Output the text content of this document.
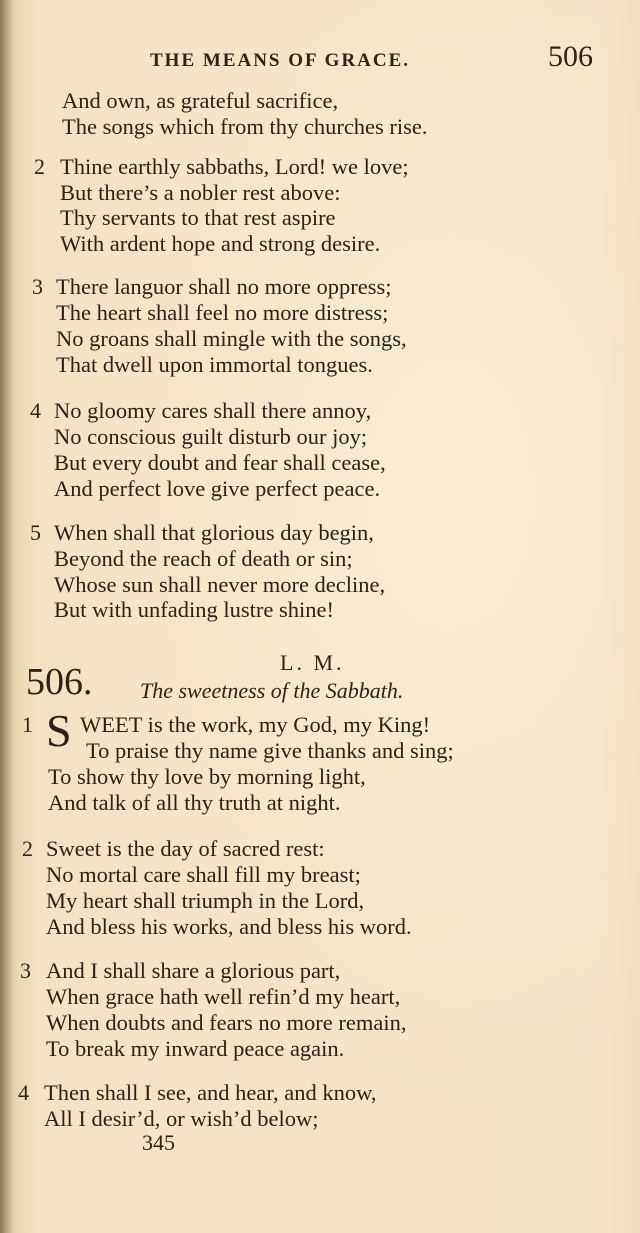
THE MEANS OF GRACE.	506
And own, as grateful sacrifice,
The songs which from thy churches rise.
2 Thine earthly sabbaths, Lord! we love;
But there’s a nobler rest above:
Thy servants to that rest aspire
With ardent hope and strong desire.
3 There languor shall no more oppress;
The heart shall feel no more distress;
No groans shall mingle with the songs,
That dwell upon immortal tongues.
4 No gloomy cares shall there annoy,
No conscious guilt disturb our joy;
But every doubt and fear shall cease,
And perfect love give perfect peace.
5 When shall that glorious day begin,
Beyond the reach of death or sin;
Whose sun shall never more decline,
But with unfading lustre shine!
506.	L. M.
The sweetness of the Sabbath.
1 S WEET is the work, my God, my King!
To praise thy name give thanks and sing;
To show thy love by morning light,
And talk of all thy truth at night.
2 Sweet is the day of sacred rest:
No mortal care shall fill my breast;
My heart shall triumph in the Lord,
And bless his works, and bless his word.
3 And I shall share a glorious part,
When grace hath well refin’d my heart,
When doubts and fears no more remain,
To break my inward peace again.
4 Then shall I see, and hear, and know,
All I desir’d, or wish’d below;
345
